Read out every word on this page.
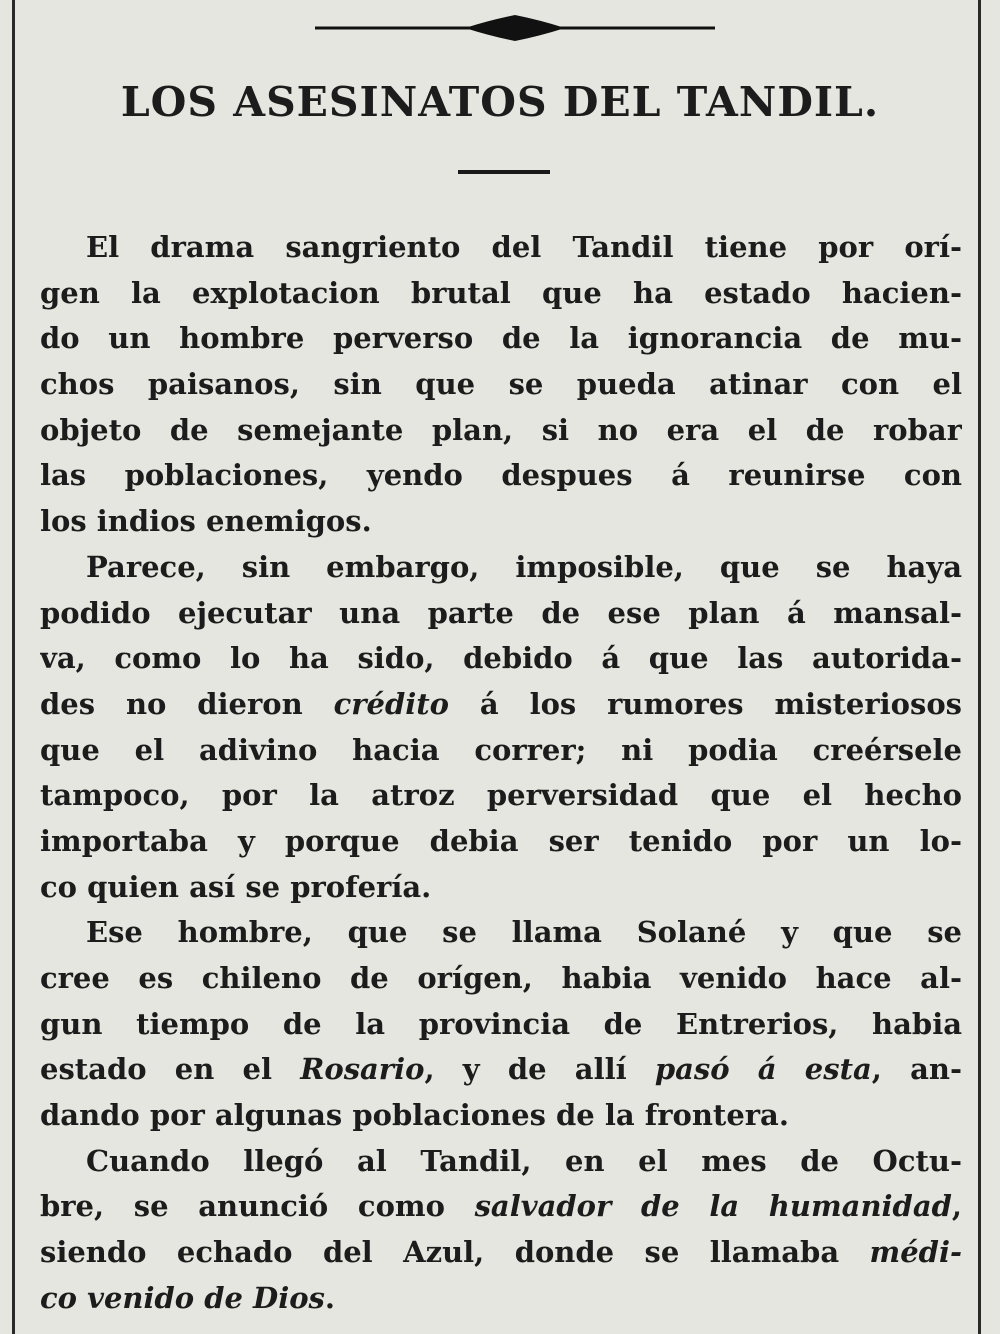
LOS ASESINATOS DEL TANDIL.
El drama sangriento del Tandil tiene por orí-
gen la explotacion brutal que ha estado hacien-
do un hombre perverso de la ignorancia de mu-
chos paisanos, sin que se pueda atinar con el
objeto de semejante plan, si no era el de robar
las poblaciones, yendo despues á reunirse con
los indios enemigos.
Parece, sin embargo, imposible, que se haya
podido ejecutar una parte de ese plan á mansal-
va, como lo ha sido, debido á que las autorida-
des no dieron crédito á los rumores misteriosos
que el adivino hacia correr; ni podia creérsele
tampoco, por la atroz perversidad que el hecho
importaba y porque debia ser tenido por un lo-
co quien así se profería.
Ese hombre, que se llama Solané y que se
cree es chileno de orígen, habia venido hace al-
gun tiempo de la provincia de Entrerios, habia
estado en el Rosario, y de allí pasó á esta, an-
dando por algunas poblaciones de la frontera.
Cuando llegó al Tandil, en el mes de Octu-
bre, se anunció como salvador de la humanidad,
siendo echado del Azul, donde se llamaba médi-
co venido de Dios.
